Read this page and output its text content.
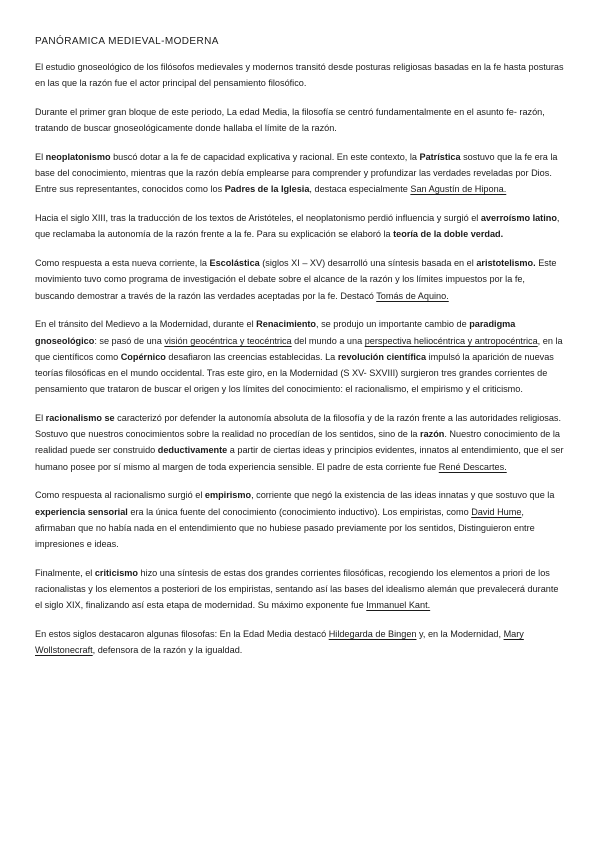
PANÓRAMICA MEDIEVAL-MODERNA

El estudio gnoseológico de los filósofos medievales y modernos transitó desde posturas religiosas basadas en la fe hasta posturas en las que la razón fue el actor principal del pensamiento filosófico.

Durante el primer gran bloque de este periodo, La edad Media, la filosofía se centró fundamentalmente en el asunto fe- razón, tratando de buscar gnoseológicamente donde hallaba el límite de la razón.

El neoplatonismo buscó dotar a la fe de capacidad explicativa y racional. En este contexto, la Patrística sostuvo que la fe era la base del conocimiento, mientras que la razón debía emplearse para comprender y profundizar las verdades reveladas por Dios. Entre sus representantes, conocidos como los Padres de la Iglesia, destaca especialmente San Agustín de Hipona.

Hacia el siglo XIII, tras la traducción de los textos de Aristóteles, el neoplatonismo perdió influencia y surgió el averroísmo latino, que reclamaba la autonomía de la razón frente a la fe. Para su explicación se elaboró la teoría de la doble verdad.

Como respuesta a esta nueva corriente, la Escolástica (siglos XI – XV) desarrolló una síntesis basada en el aristotelismo. Este movimiento tuvo como programa de investigación el debate sobre el alcance de la razón y los límites impuestos por la fe, buscando demostrar a través de la razón las verdades aceptadas por la fe. Destacó Tomás de Aquino.

En el tránsito del Medievo a la Modernidad, durante el Renacimiento, se produjo un importante cambio de paradigma gnoseológico: se pasó de una visión geocéntrica y teocéntrica del mundo a una perspectiva heliocéntrica y antropocéntrica, en la que científicos como Copérnico desafiaron las creencias establecidas. La revolución científica impulsó la aparición de nuevas teorías filosóficas en el mundo occidental. Tras este giro, en la Modernidad (S XV- SXVIII) surgieron tres grandes corrientes de pensamiento que trataron de buscar el origen y los límites del conocimiento: el racionalismo, el empirismo y el criticismo.

El racionalismo se caracterizó por defender la autonomía absoluta de la filosofía y de la razón frente a las autoridades religiosas. Sostuvo que nuestros conocimientos sobre la realidad no procedían de los sentidos, sino de la razón. Nuestro conocimiento de la realidad puede ser construido deductivamente a partir de ciertas ideas y principios evidentes, innatos al entendimiento, que el ser humano posee por sí mismo al margen de toda experiencia sensible. El padre de esta corriente fue René Descartes.

Como respuesta al racionalismo surgió el empirismo, corriente que negó la existencia de las ideas innatas y que sostuvo que la experiencia sensorial era la única fuente del conocimiento (conocimiento inductivo). Los empiristas, como David Hume, afirmaban que no había nada en el entendimiento que no hubiese pasado previamente por los sentidos, Distinguieron entre impresiones e ideas.

Finalmente, el criticismo hizo una síntesis de estas dos grandes corrientes filosóficas, recogiendo los elementos a priori de los racionalistas y los elementos a posteriori de los empiristas, sentando así las bases del idealismo alemán que prevalecerá durante el siglo XIX, finalizando así esta etapa de modernidad. Su máximo exponente fue Immanuel Kant.

En estos siglos destacaron algunas filosofas: En la Edad Media destacó Hildegarda de Bingen y, en la Modernidad, Mary Wollstonecraft, defensora de la razón y la igualdad.
